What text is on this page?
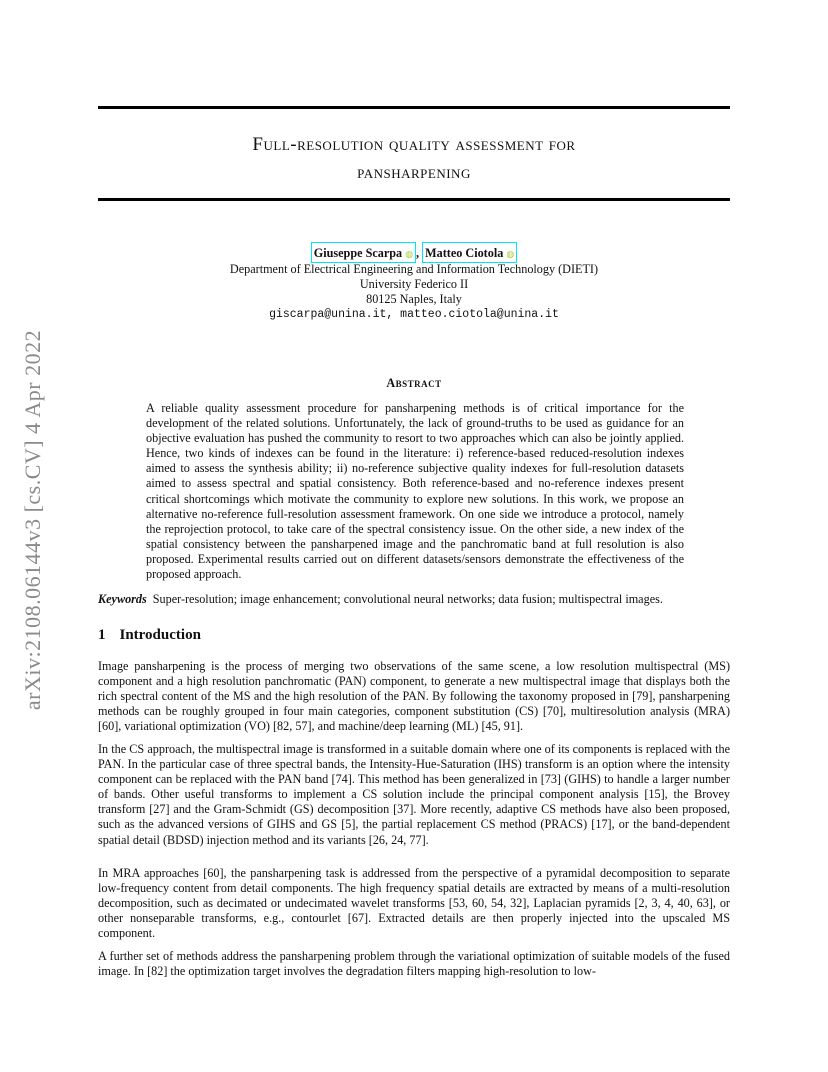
arXiv:2108.06144v3 [cs.CV] 4 Apr 2022
Full-resolution quality assessment for
pansharpening
Giuseppe Scarpa ◍ , Matteo Ciotola ◍
Department of Electrical Engineering and Information Technology (DIETI)
University Federico II
80125 Naples, Italy
giscarpa@unina.it, matteo.ciotola@unina.it
Abstract
A reliable quality assessment procedure for pansharpening methods is of critical importance for the development of the related solutions. Unfortunately, the lack of ground-truths to be used as guidance for an objective evaluation has pushed the community to resort to two approaches which can also be jointly applied. Hence, two kinds of indexes can be found in the literature: i) reference-based reduced-resolution indexes aimed to assess the synthesis ability; ii) no-reference subjective quality indexes for full-resolution datasets aimed to assess spectral and spatial consistency. Both reference-based and no-reference indexes present critical shortcomings which motivate the community to explore new solutions. In this work, we propose an alternative no-reference full-resolution assessment framework. On one side we introduce a protocol, namely the reprojection protocol, to take care of the spectral consistency issue. On the other side, a new index of the spatial consistency between the pansharpened image and the panchromatic band at full resolution is also proposed. Experimental results carried out on different datasets/sensors demonstrate the effectiveness of the proposed approach.
Keywords Super-resolution; image enhancement; convolutional neural networks; data fusion; multispectral images.
1 Introduction
Image pansharpening is the process of merging two observations of the same scene, a low resolution multispectral (MS) component and a high resolution panchromatic (PAN) component, to generate a new multispectral image that displays both the rich spectral content of the MS and the high resolution of the PAN. By following the taxonomy proposed in [79], pansharpening methods can be roughly grouped in four main categories, component substitution (CS) [70], multiresolution analysis (MRA) [60], variational optimization (VO) [82, 57], and machine/deep learning (ML) [45, 91].
In the CS approach, the multispectral image is transformed in a suitable domain where one of its components is replaced with the PAN. In the particular case of three spectral bands, the Intensity-Hue-Saturation (IHS) transform is an option where the intensity component can be replaced with the PAN band [74]. This method has been generalized in [73] (GIHS) to handle a larger number of bands. Other useful transforms to implement a CS solution include the principal component analysis [15], the Brovey transform [27] and the Gram-Schmidt (GS) decomposition [37]. More recently, adaptive CS methods have also been proposed, such as the advanced versions of GIHS and GS [5], the partial replacement CS method (PRACS) [17], or the band-dependent spatial detail (BDSD) injection method and its variants [26, 24, 77].
In MRA approaches [60], the pansharpening task is addressed from the perspective of a pyramidal decomposition to separate low-frequency content from detail components. The high frequency spatial details are extracted by means of a multi-resolution decomposition, such as decimated or undecimated wavelet transforms [53, 60, 54, 32], Laplacian pyramids [2, 3, 4, 40, 63], or other nonseparable transforms, e.g., contourlet [67]. Extracted details are then properly injected into the upscaled MS component.
A further set of methods address the pansharpening problem through the variational optimization of suitable models of the fused image. In [82] the optimization target involves the degradation filters mapping high-resolution to low-
